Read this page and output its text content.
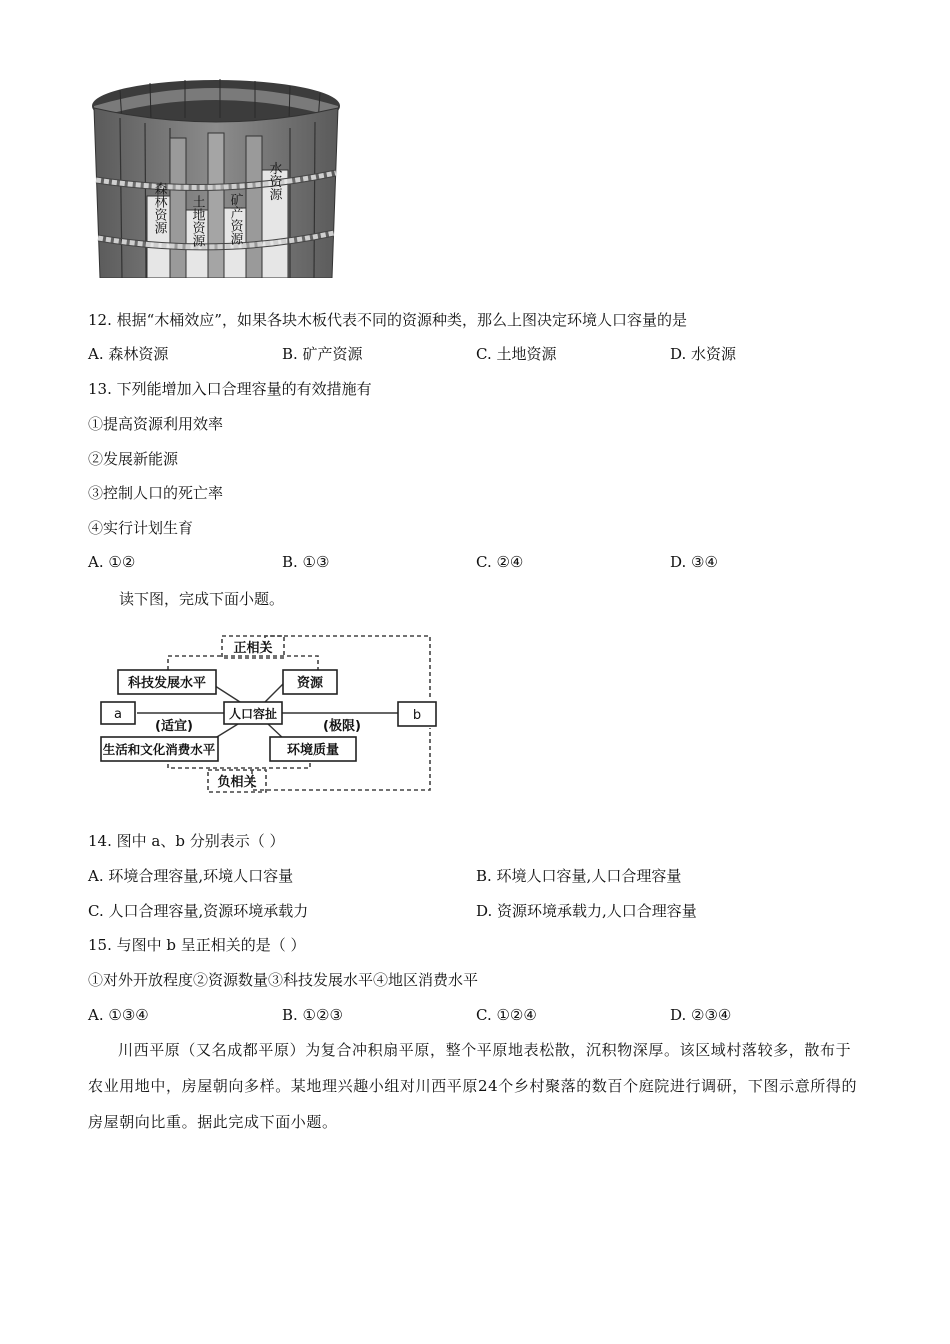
森林资源 土地资源 矿产资源
水资源
12. 根据“木桶效应”，如果各块木板代表不同的资源种类，那么上图决定环境人口容量的是
A. 森林资源	B. 矿产资源	C. 土地资源	D. 水资源
13. 下列能增加入口合理容量的有效措施有
①提高资源利用效率
②发展新能源
③控制人口的死亡率
④实行计划生育
A. ①②	B. ①③	C. ②④	D. ③④
读下图，完成下面小题。
正相关
科技发展水平	资源
a	人口容扯	b
(适宜)	(极限)
生活和文化消费水平	环境质量
负相关
14. 图中 a、b 分别表示（ ）
A. 环境合理容量,环境人口容量	B. 环境人口容量,人口合理容量
C. 人口合理容量,资源环境承载力	D. 资源环境承载力,人口合理容量
15. 与图中 b 呈正相关的是（ ）
①对外开放程度②资源数量③科技发展水平④地区消费水平
A. ①③④	B. ①②③	C. ①②④	D. ②③④
川西平原（又名成都平原）为复合冲积扇平原，整个平原地表松散，沉积物深厚。该区域村落较多，散布于农业用地中，房屋朝向多样。某地理兴趣小组对川西平原24个乡村聚落的数百个庭院进行调研，下图示意所得的房屋朝向比重。据此完成下面小题。
